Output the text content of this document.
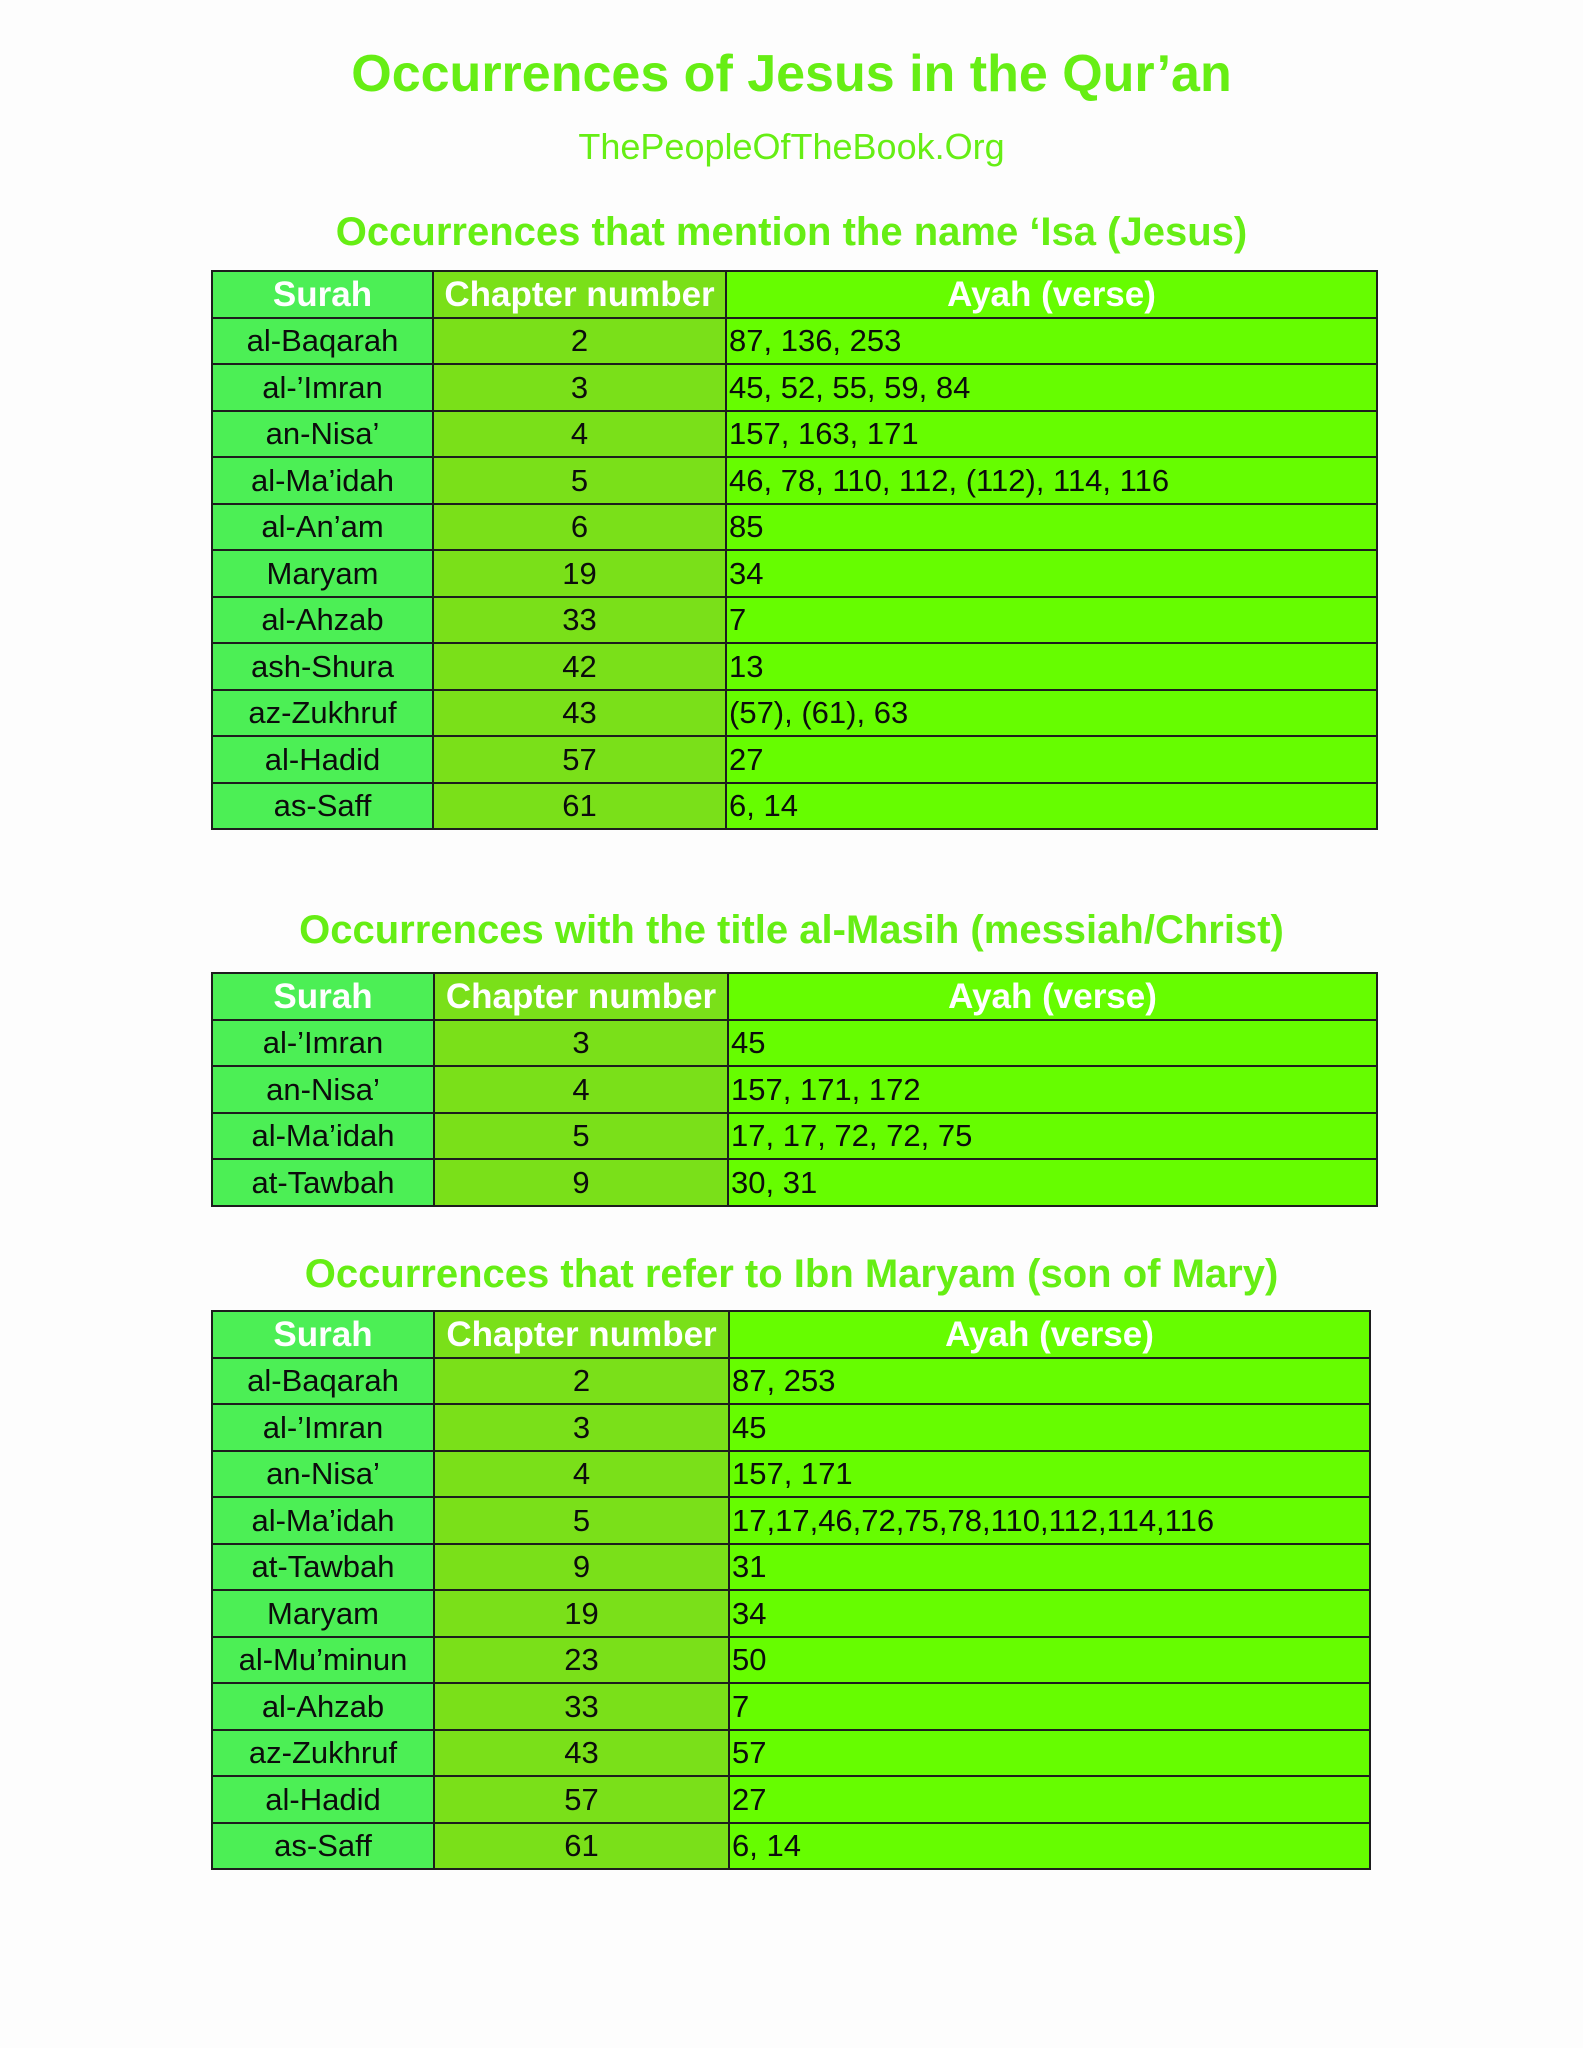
Occurrences of Jesus in the Qur’an
ThePeopleOfTheBook.Org
Occurrences that mention the name ‘Isa (Jesus)
Surah	Chapter number	Ayah (verse)
al-Baqarah	2	87, 136, 253
al-’Imran	3	45, 52, 55, 59, 84
an-Nisa’	4	157, 163, 171
al-Ma’idah	5	46, 78, 110, 112, (112), 114, 116
al-An’am	6	85
Maryam	19	34
al-Ahzab	33	7
ash-Shura	42	13
az-Zukhruf	43	(57), (61), 63
al-Hadid	57	27
as-Saff	61	6, 14
Occurrences with the title al-Masih (messiah/Christ)
Surah	Chapter number	Ayah (verse)
al-’Imran	3	45
an-Nisa’	4	157, 171, 172
al-Ma’idah	5	17, 17, 72, 72, 75
at-Tawbah	9	30, 31
Occurrences that refer to Ibn Maryam (son of Mary)
Surah	Chapter number	Ayah (verse)
al-Baqarah	2	87, 253
al-’Imran	3	45
an-Nisa’	4	157, 171
al-Ma’idah	5	17,17,46,72,75,78,110,112,114,116
at-Tawbah	9	31
Maryam	19	34
al-Mu’minun	23	50
al-Ahzab	33	7
az-Zukhruf	43	57
al-Hadid	57	27
as-Saff	61	6, 14
